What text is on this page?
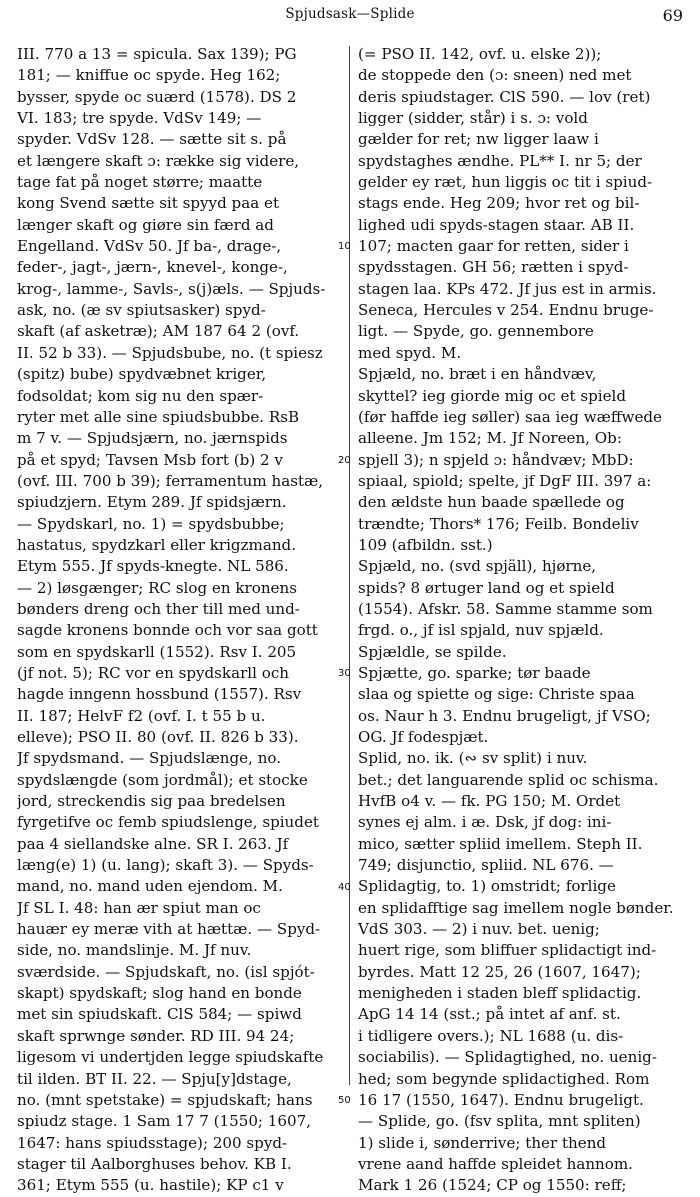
Spjudsask—Splide	69
III. 770 a 13 = spicula. Sax 139); PG
181; — kniffue oc spyde. Heg 162;
bysser, spyde oc suærd (1578). DS 2
VI. 183; tre spyde. VdSv 149; —
spyder. VdSv 128. — sætte sit s. på
et længere skaft ɔ: række sig videre,
tage fat på noget større; maatte
kong Svend sætte sit spyyd paa et
længer skaft og giøre sin færd ad
Engelland. VdSv 50. Jf ba-, drage-,
feder-, jagt-, jærn-, knevel-, konge-,
krog-, lamme-, Savls-, s(j)æls. — Spjuds-
ask, no. (æ sv spiutsasker) spyd-
skaft (af asketræ); AM 187 64 2 (ovf.
II. 52 b 33). — Spjudsbube, no. (t spiesz
(spitz) bube) spydvæbnet kriger,
fodsoldat; kom sig nu den spær-
ryter met alle sine spiudsbubbe. RsB
m 7 v. — Spjudsjærn, no. jærnspids
på et spyd; Tavsen Msb fort (b) 2 v
(ovf. III. 700 b 39); ferramentum hastæ,
spiudzjern. Etym 289. Jf spidsjærn.
— Spydskarl, no. 1) = spydsbubbe;
hastatus, spydzkarl eller krigzmand.
Etym 555. Jf spyds-knegte. NL 586.
— 2) løsgænger; RC slog en kronens
bønders dreng och ther till med und-
sagde kronens bonnde och vor saa gott
som en spydskarll (1552). Rsv I. 205
(jf not. 5); RC vor en spydskarll och
hagde inngenn hossbund (1557). Rsv
II. 187; HelvF f2 (ovf. I. t 55 b u.
elleve); PSO II. 80 (ovf. II. 826 b 33).
Jf spydsmand. — Spjudslænge, no.
spydslængde (som jordmål); et stocke
jord, streckendis sig paa bredelsen
fyrgetifve oc femb spiudslenge, spiudet
paa 4 siellandske alne. SR I. 263. Jf
læng(e) 1) (u. lang); skaft 3). — Spyds-
mand, no. mand uden ejendom. M.
Jf SL I. 48: han ær spiut man oc
hauær ey meræ vith at hættæ. — Spyd-
side, no. mandslinje. M. Jf nuv.
sværdside. — Spjudskaft, no. (isl spjót-
skapt) spydskaft; slog hand en bonde
met sin spiudskaft. ClS 584; — spiwd
skaft sprwnge sønder. RD III. 94 24;
ligesom vi undertjden legge spiudskafte
til ilden. BT II. 22. — Spju[y]dstage,
no. (mnt spetstake) = spjudskaft; hans
spiudz stage. 1 Sam 17 7 (1550; 1607,
1647: hans spiudsstage); 200 spyd-
stager til Aalborghuses behov. KB I.
361; Etym 555 (u. hastile); KP c1 v
(= PSO II. 142, ovf. u. elske 2));
de stoppede den (ɔ: sneen) ned met
deris spiudstager. ClS 590. — lov (ret)
ligger (sidder, står) i s. ɔ: vold
gælder for ret; nw ligger laaw i
spydstaghes ændhe. PL** I. nr 5; der
gelder ey ræt, hun liggis oc tit i spiud-
stags ende. Heg 209; hvor ret og bil-
lighed udi spyds-stagen staar. AB II.
107; macten gaar for retten, sider i
spydsstagen. GH 56; rætten i spyd-
stagen laa. KPs 472. Jf jus est in armis.
Seneca, Hercules v 254. Endnu bruge-
ligt. — Spyde, go. gennembore
med spyd. M.
Spjæld, no. bræt i en håndvæv,
skyttel? ieg giorde mig oc et spield
(før haffde ieg søller) saa ieg wæffwede
alleene. Jm 152; M. Jf Noreen, Ob:
spjell 3); n spjeld ɔ: håndvæv; MbD:
spiaal, spiold; spelte, jf DgF III. 397 a:
den ældste hun baade spællede og
trændte; Thors* 176; Feilb. Bondeliv
109 (afbildn. sst.)
Spjæld, no. (svd spjäll), hjørne,
spids? 8 ørtuger land og et spield
(1554). Afskr. 58. Samme stamme som
frgd. o., jf isl spjald, nuv spjæld.
Spjældle, se spilde.
Spjætte, go. sparke; tør baade
slaa og spiette og sige: Christe spaa
os. Naur h 3. Endnu brugeligt, jf VSO;
OG. Jf fodespjæt.
Splid, no. ik. (∾ sv split) i nuv.
bet.; det languarende splid oc schisma.
HvfB o4 v. — fk. PG 150; M. Ordet
synes ej alm. i æ. Dsk, jf dog: ini-
mico, sætter spliid imellem. Steph II.
749; disjunctio, spliid. NL 676. —
Splidagtig, to. 1) omstridt; forlige
en splidafftige sag imellem nogle bønder.
VdS 303. — 2) i nuv. bet. uenig;
huert rige, som bliffuer splidactigt ind-
byrdes. Matt 12 25, 26 (1607, 1647);
menigheden i staden bleff splidactig.
ApG 14 14 (sst.; på intet af anf. st.
i tidligere overs.); NL 1688 (u. dis-
sociabilis). — Splidagtighed, no. uenig-
hed; som begynde splidactighed. Rom
16 17 (1550, 1647). Endnu brugeligt.
— Splide, go. (fsv splita, mnt spliten)
1) slide i, sønderrive; ther thend
vrene aand haffde spleidet hannom.
Mark 1 26 (1524; CP og 1550: reff;
10
20
30
40
50
